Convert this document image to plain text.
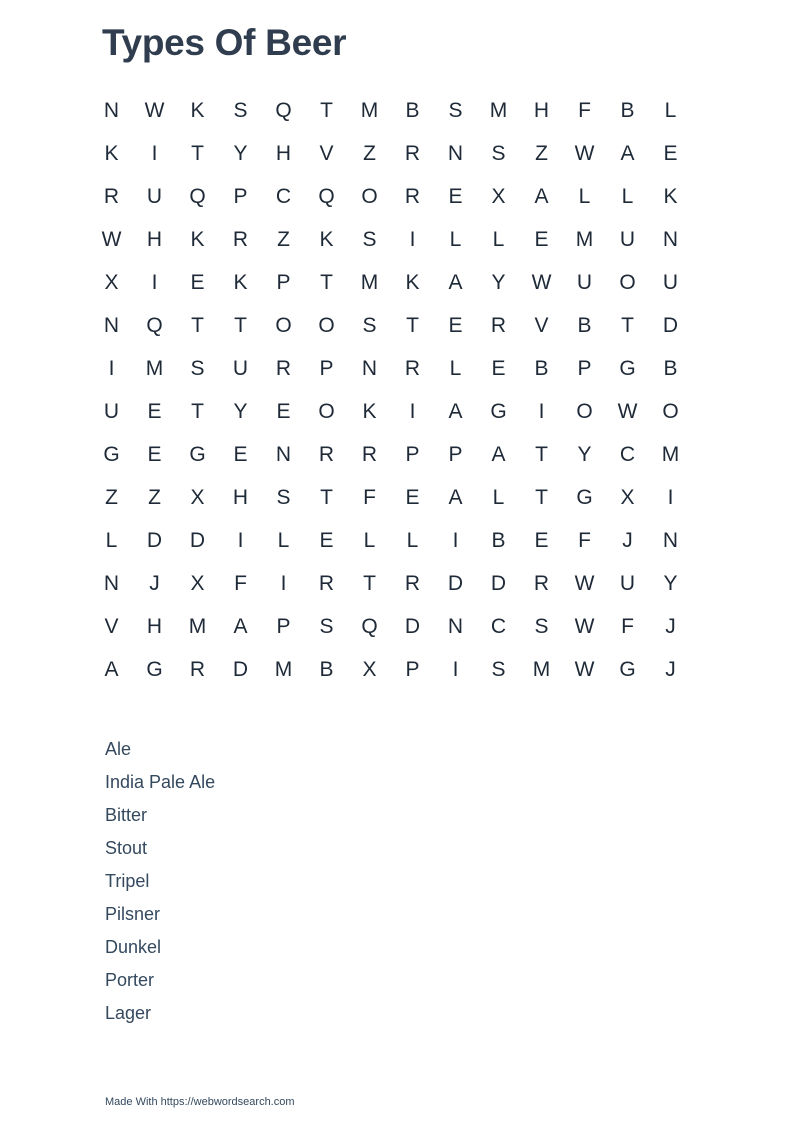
Types Of Beer
N	W	K	S	Q	T	M	B	S	M	H	F	B	L
K	I	T	Y	H	V	Z	R	N	S	Z	W	A	E
R	U	Q	P	C	Q	O	R	E	X	A	L	L	K
W	H	K	R	Z	K	S	I	L	L	E	M	U	N
X	I	E	K	P	T	M	K	A	Y	W	U	O	U
N	Q	T	T	O	O	S	T	E	R	V	B	T	D
I	M	S	U	R	P	N	R	L	E	B	P	G	B
U	E	T	Y	E	O	K	I	A	G	I	O	W	O
G	E	G	E	N	R	R	P	P	A	T	Y	C	M
Z	Z	X	H	S	T	F	E	A	L	T	G	X	I
L	D	D	I	L	E	L	L	I	B	E	F	J	N
N	J	X	F	I	R	T	R	D	D	R	W	U	Y
V	H	M	A	P	S	Q	D	N	C	S	W	F	J
A	G	R	D	M	B	X	P	I	S	M	W	G	J
Ale
India Pale Ale
Bitter
Stout
Tripel
Pilsner
Dunkel
Porter
Lager
Made With https://webwordsearch.com
